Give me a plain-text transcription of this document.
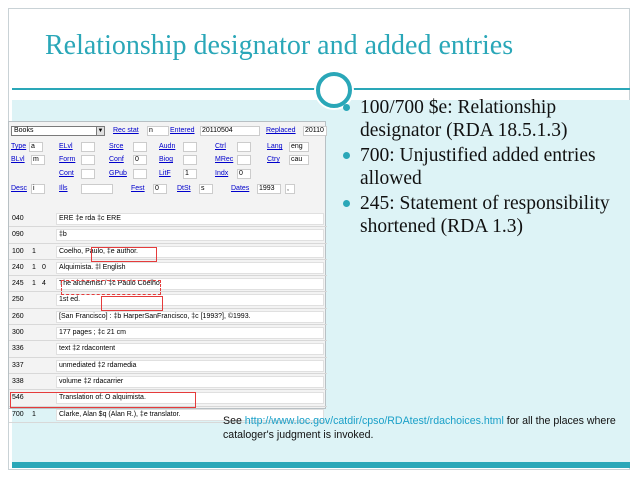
Relationship designator and added entries
Books	▼ Rec stat n	Entered 20110504	Replaced 20110
Type a	ELvl	Srce	Audn	Ctrl	Lang eng
BLvl m	Form	Conf 0	Biog	MRec	Ctry cau
Cont	GPub	LitF 1	Indx 0
Desc i	Ills	Fest 0	DtSt s	Dates 1993	,
040	ERE ‡e rda ‡c ERE
090	‡b
100	1	Coelho, Paulo, ‡e author.
240	1 0	Alquimista. ‡l English
245	1 4	The alchemist / ‡c Paulo Coelho.
250	1st ed.
260	[San Francisco] : ‡b HarperSanFrancisco, ‡c [1993?], ©1993.
300	177 pages ; ‡c 21 cm
336	text ‡2 rdacontent
337	unmediated ‡2 rdamedia
338	volume ‡2 rdacarrier
546	Translation of: O alquimista.
700	1	Clarke, Alan $q (Alan R.), ‡e translator.
100/700 $e: Relationship designator (RDA 18.5.1.3)
700: Unjustified added entries allowed
245: Statement of responsibility shortened (RDA 1.3)
See http://www.loc.gov/catdir/cpso/RDAtest/rdachoices.html for all the places where cataloger's judgment is invoked.
